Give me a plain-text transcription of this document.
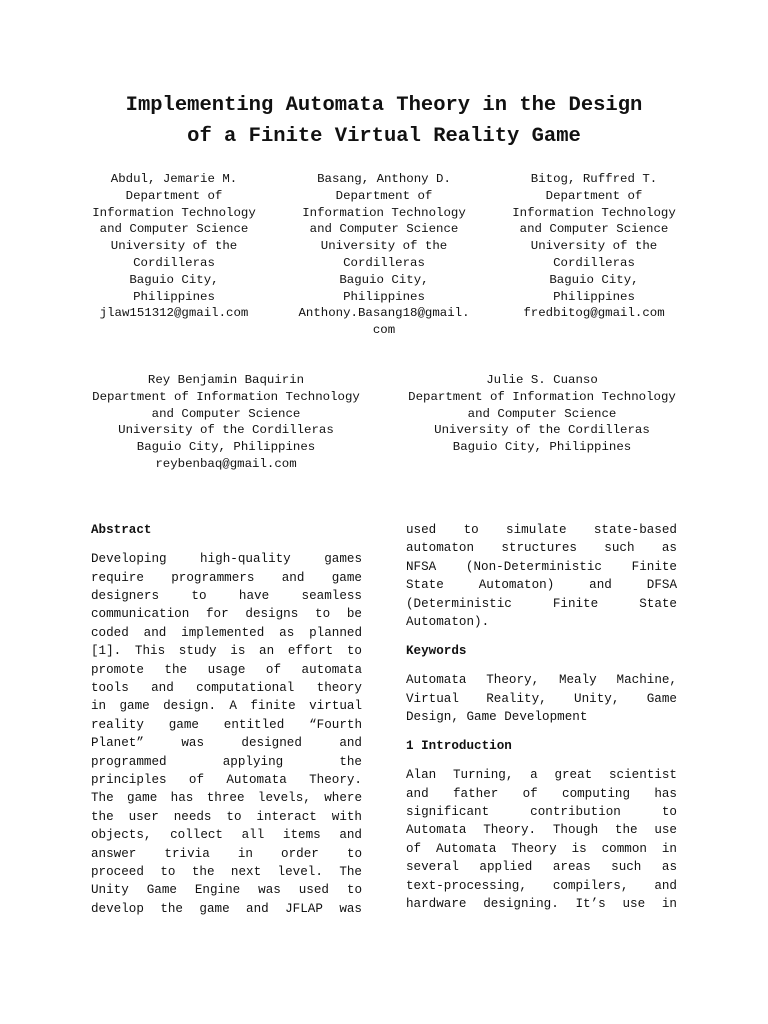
Implementing Automata Theory in the Design
of a Finite Virtual Reality Game
Abdul, Jemarie M.
Department of
Information Technology
and Computer Science
University of the
Cordilleras
Baguio City,
Philippines
jlaw151312@gmail.com
Basang, Anthony D.
Department of
Information Technology
and Computer Science
University of the
Cordilleras
Baguio City,
Philippines
Anthony.Basang18@gmail.
com
Bitog, Ruffred T.
Department of
Information Technology
and Computer Science
University of the
Cordilleras
Baguio City,
Philippines
fredbitog@gmail.com
Rey Benjamin Baquirin
Department of Information Technology
and Computer Science
University of the Cordilleras
Baguio City, Philippines
reybenbaq@gmail.com
Julie S. Cuanso
Department of Information Technology
and Computer Science
University of the Cordilleras
Baguio City, Philippines
Abstract
Developing high-quality games
require programmers and game
designers to have seamless
communication for designs to be
coded and implemented as planned
[1]. This study is an effort to
promote the usage of automata
tools and computational theory
in game design. A finite virtual
reality game entitled “Fourth
Planet” was designed and
programmed applying the
principles of Automata Theory.
The game has three levels, where
the user needs to interact with
objects, collect all items and
answer trivia in order to
proceed to the next level. The
Unity Game Engine was used to
develop the game and JFLAP was
used to simulate state-based
automaton structures such as
NFSA (Non-Deterministic Finite
State Automaton) and DFSA
(Deterministic Finite State
Automaton).
Keywords
Automata Theory, Mealy Machine,
Virtual Reality, Unity, Game
Design, Game Development
1 Introduction
Alan Turning, a great scientist
and father of computing has
significant contribution to
Automata Theory. Though the use
of Automata Theory is common in
several applied areas such as
text-processing, compilers, and
hardware designing. It’s use in
